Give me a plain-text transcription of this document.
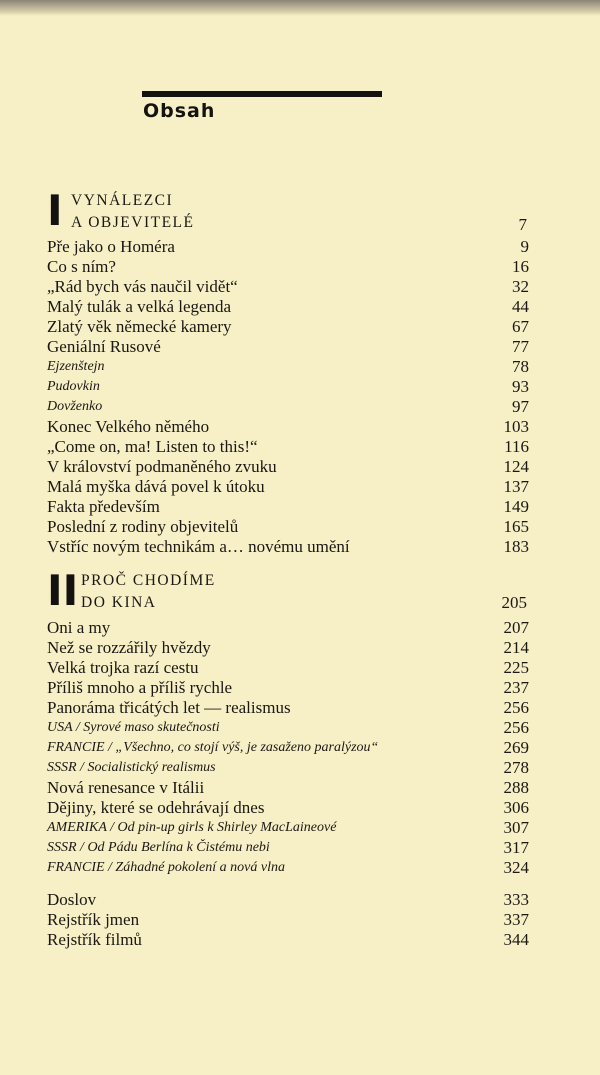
Obsah
I VYNÁLEZCI
A OBJEVITELÉ	7
Pře jako o Homéra	9
Co s ním?	16
„Rád bych vás naučil vidět“	32
Malý tulák a velká legenda	44
Zlatý věk německé kamery	67
Geniální Rusové	77
Ejzenštejn	78
Pudovkin	93
Dovženko	97
Konec Velkého němého	103
„Come on, ma! Listen to this!“	116
V království podmaněného zvuku	124
Malá myška dává povel k útoku	137
Fakta především	149
Poslední z rodiny objevitelů	165
Vstříc novým technikám a… novému umění	183
II PROČ CHODÍME
DO KINA	205
Oni a my	207
Než se rozzářily hvězdy	214
Velká trojka razí cestu	225
Příliš mnoho a příliš rychle	237
Panoráma třicátých let — realismus	256
USA / Syrové maso skutečnosti	256
FRANCIE / „Všechno, co stojí výš, je zasaženo paralýzou“	269
SSSR / Socialistický realismus	278
Nová renesance v Itálii	288
Dějiny, které se odehrávají dnes	306
AMERIKA / Od pin-up girls k Shirley MacLaineové	307
SSSR / Od Pádu Berlína k Čistému nebi	317
FRANCIE / Záhadné pokolení a nová vlna	324
Doslov	333
Rejstřík jmen	337
Rejstřík filmů	344
